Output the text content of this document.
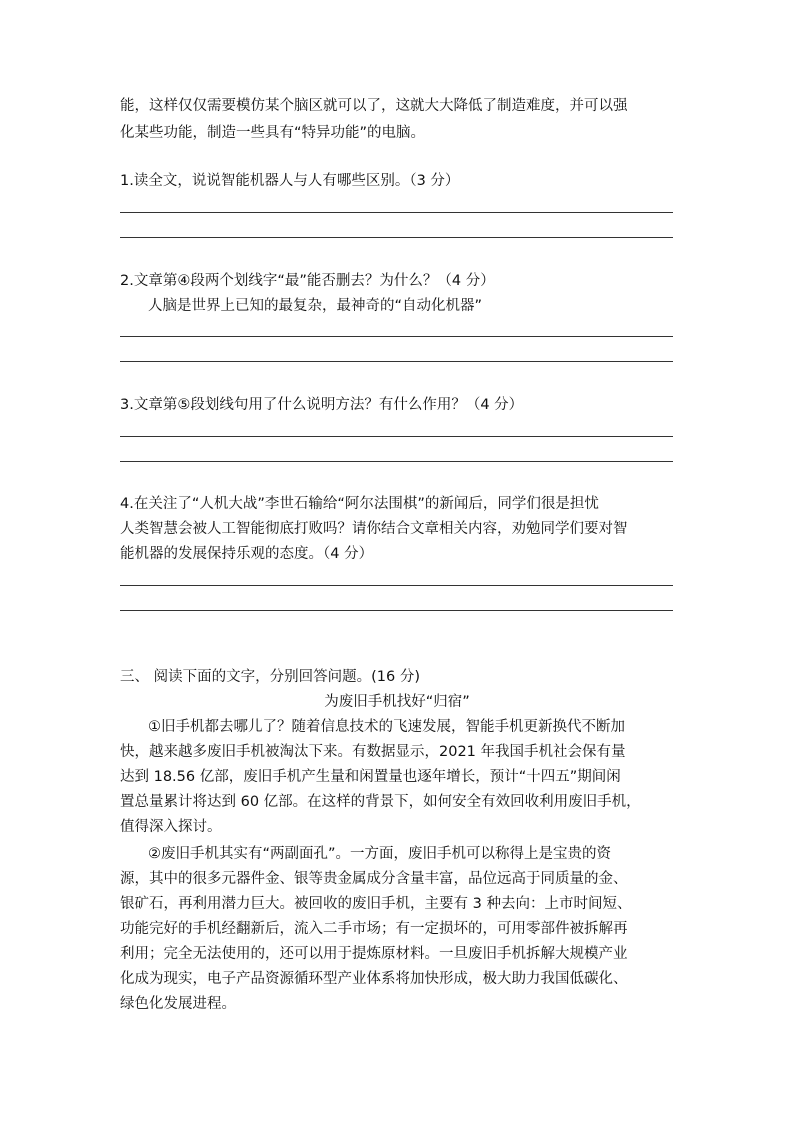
能，这样仅仅需要模仿某个脑区就可以了，这就大大降低了制造难度，并可以强
化某些功能，制造一些具有“特异功能”的电脑。
1.读全文，说说智能机器人与人有哪些区别。（3 分）
2.文章第④段两个划线字“最”能否删去？为什么？（4 分）
人脑是世界上已知的最复杂，最神奇的“自动化机器”
3.文章第⑤段划线句用了什么说明方法？有什么作用？（4 分）
4.在关注了“人机大战”李世石输给“阿尔法围棋”的新闻后，同学们很是担忧
人类智慧会被人工智能彻底打败吗？请你结合文章相关内容，劝勉同学们要对智
能机器的发展保持乐观的态度。（4 分）
三、 阅读下面的文字，分别回答问题。(16 分)
为废旧手机找好“归宿”
①旧手机都去哪儿了？随着信息技术的飞速发展，智能手机更新换代不断加
快，越来越多废旧手机被淘汰下来。有数据显示，2021 年我国手机社会保有量
达到 18.56 亿部，废旧手机产生量和闲置量也逐年增长，预计“十四五”期间闲
置总量累计将达到 60 亿部。在这样的背景下，如何安全有效回收利用废旧手机，
值得深入探讨。
②废旧手机其实有“两副面孔”。一方面，废旧手机可以称得上是宝贵的资
源，其中的很多元器件金、银等贵金属成分含量丰富，品位远高于同质量的金、
银矿石，再利用潜力巨大。被回收的废旧手机，主要有 3 种去向：上市时间短、
功能完好的手机经翻新后，流入二手市场；有一定损坏的，可用零部件被拆解再
利用；完全无法使用的，还可以用于提炼原材料。一旦废旧手机拆解大规模产业
化成为现实，电子产品资源循环型产业体系将加快形成，极大助力我国低碳化、
绿色化发展进程。
